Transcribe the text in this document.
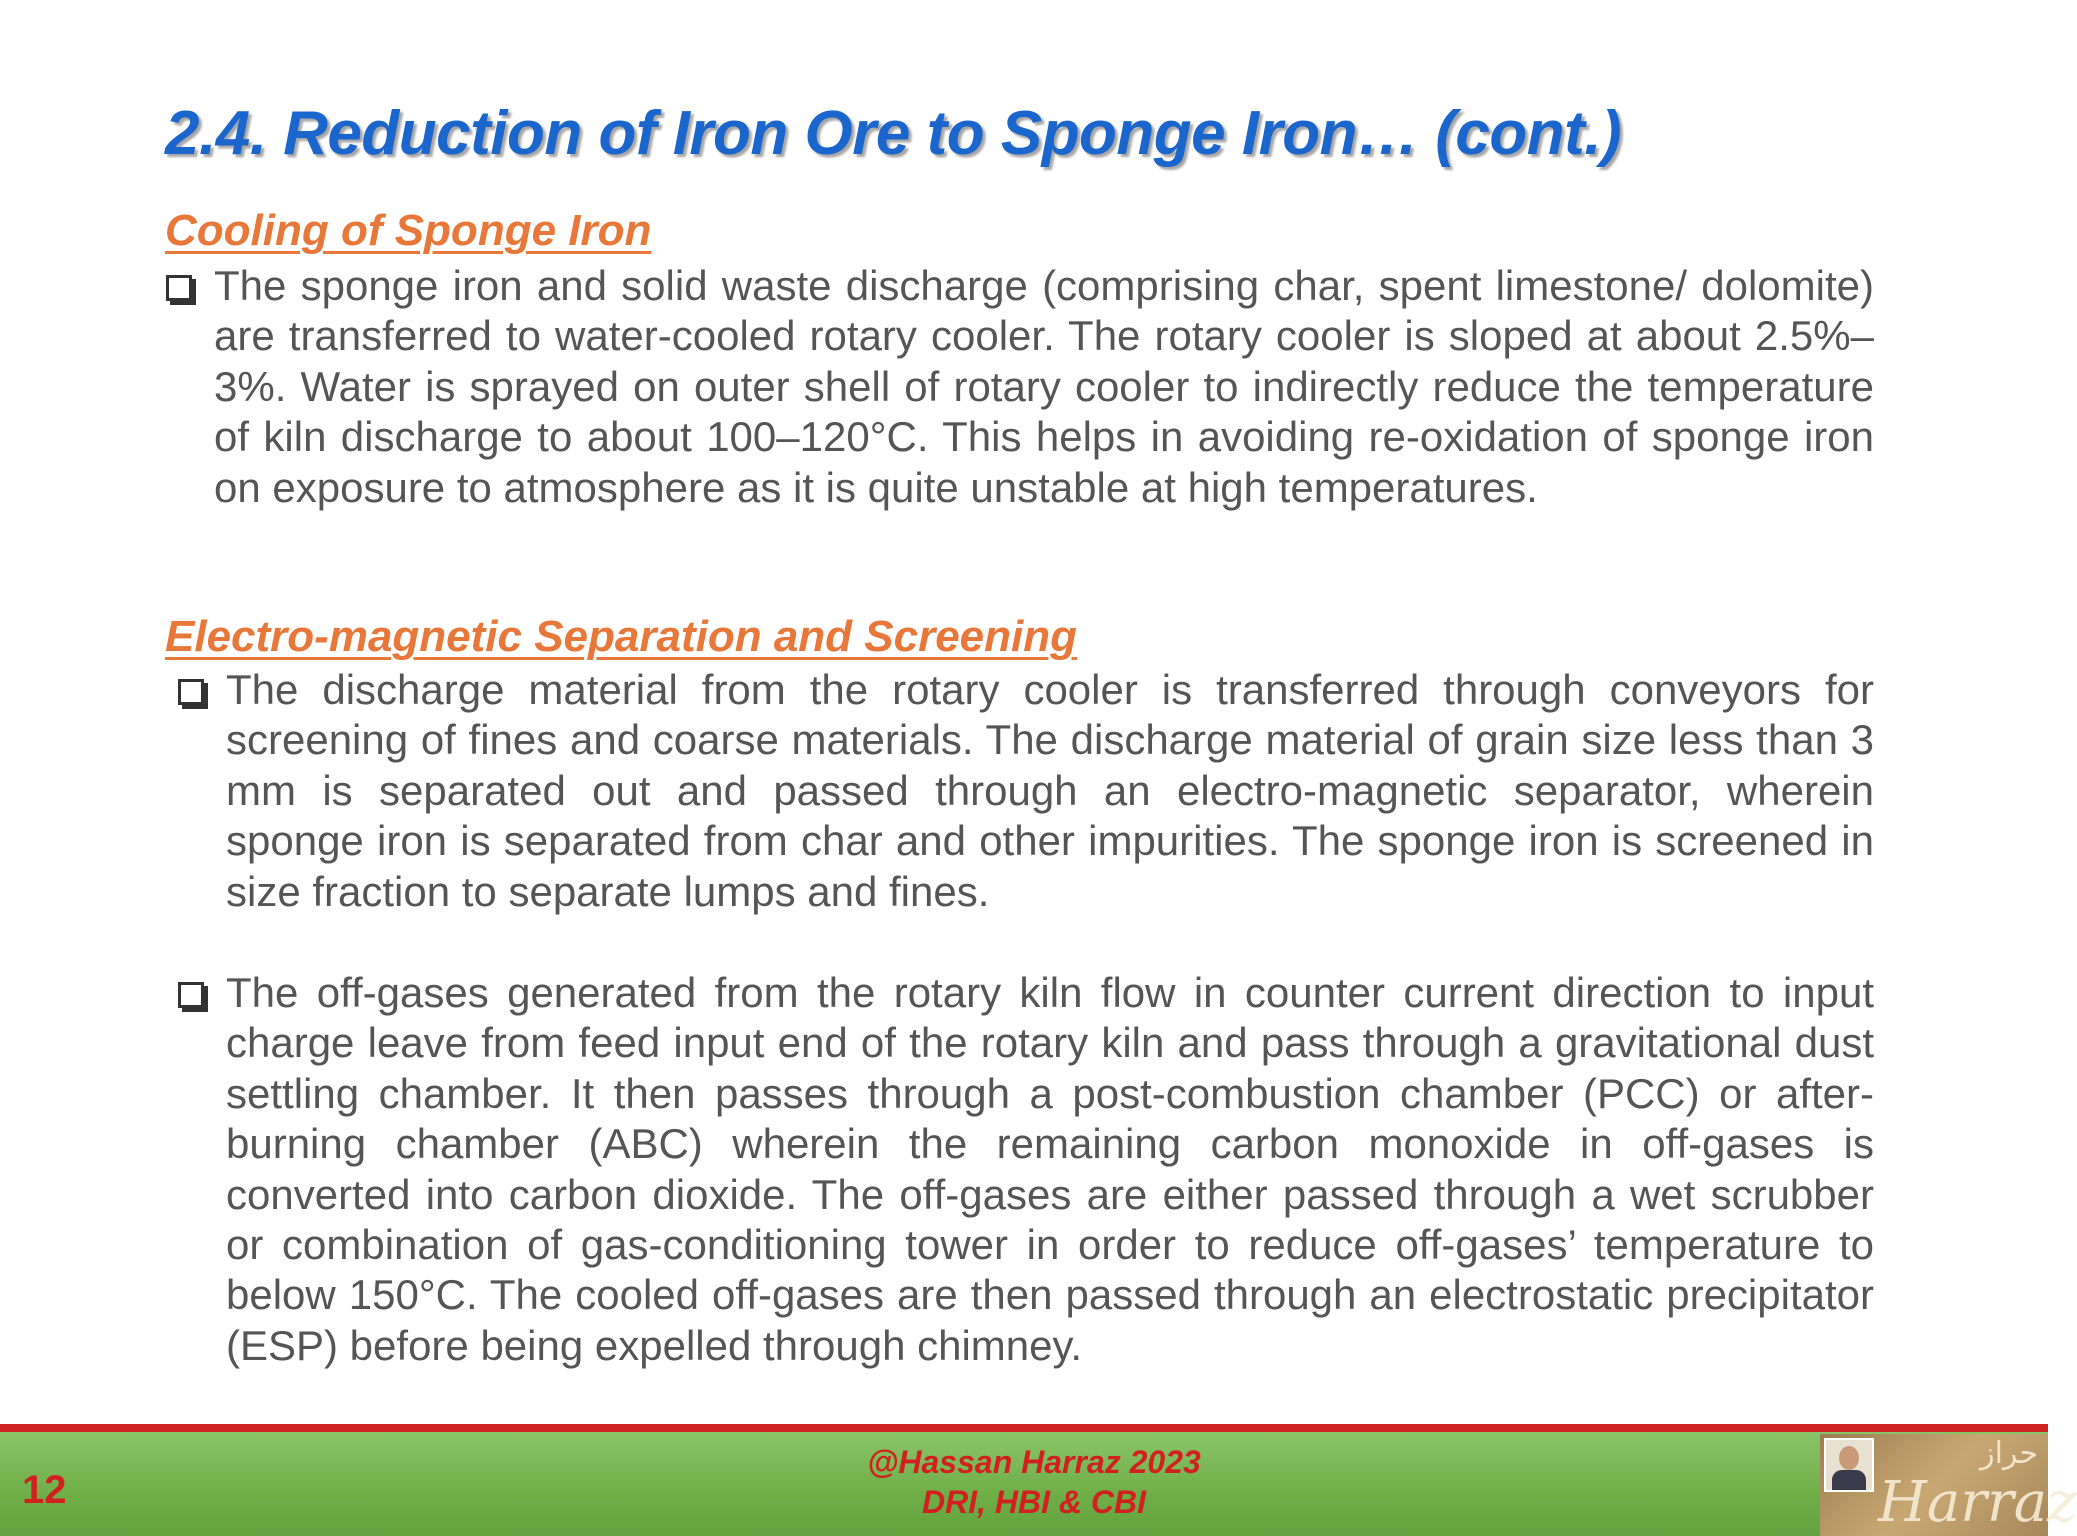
2.4. Reduction of Iron Ore to Sponge Iron… (cont.)
Cooling of Sponge Iron
The sponge iron and solid waste discharge (comprising char, spent limestone/ dolomite) are transferred to water-cooled rotary cooler. The rotary cooler is sloped at about 2.5%–3%. Water is sprayed on outer shell of rotary cooler to indirectly reduce the temperature of kiln discharge to about 100–120°C. This helps in avoiding re-oxidation of sponge iron on exposure to atmosphere as it is quite unstable at high temperatures.
Electro-magnetic Separation and Screening
The discharge material from the rotary cooler is transferred through conveyors for screening of fines and coarse materials. The discharge material of grain size less than 3 mm is separated out and passed through an electro-magnetic separator, wherein sponge iron is separated from char and other impurities. The sponge iron is screened in size fraction to separate lumps and fines.
The off-gases generated from the rotary kiln flow in counter current direction to input charge leave from feed input end of the rotary kiln and pass through a gravitational dust settling chamber. It then passes through a post-combustion chamber (PCC) or after-burning chamber (ABC) wherein the remaining carbon monoxide in off-gases is converted into carbon dioxide. The off-gases are either passed through a wet scrubber or combination of gas-conditioning tower in order to reduce off-gases’ temperature to below 150°C. The cooled off-gases are then passed through an electrostatic precipitator (ESP) before being expelled through chimney.
12
@Hassan Harraz 2023
DRI, HBI & CBI
حراز
Harraz
